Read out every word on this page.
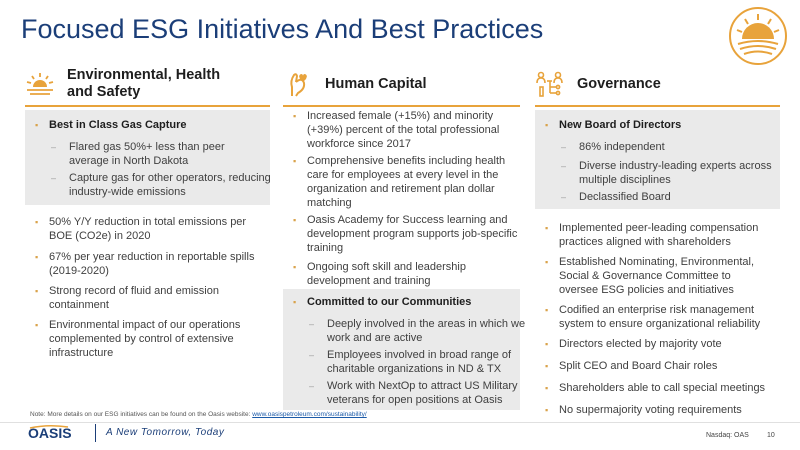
Focused ESG Initiatives And Best Practices
Environmental, Health
and Safety
▪ Best in Class Gas Capture
– Flared gas 50%+ less than peer average in North Dakota
– Capture gas for other operators, reducing industry-wide emissions
▪ 50% Y/Y reduction in total emissions per BOE (CO2e) in 2020
▪ 67% per year reduction in reportable spills (2019-2020)
▪ Strong record of fluid and emission containment
▪ Environmental impact of our operations complemented by control of extensive infrastructure
Human Capital
▪ Increased female (+15%) and minority (+39%) percent of the total professional workforce since 2017
▪ Comprehensive benefits including health care for employees at every level in the organization and retirement plan dollar matching
▪ Oasis Academy for Success learning and development program supports job-specific training
▪ Ongoing soft skill and leadership development and training
▪ Committed to our Communities
– Deeply involved in the areas in which we work and are active
– Employees involved in broad range of charitable organizations in ND & TX
– Work with NextOp to attract US Military veterans for open positions at Oasis
Governance
▪ New Board of Directors
– 86% independent
– Diverse industry-leading experts across multiple disciplines
– Declassified Board
▪ Implemented peer-leading compensation practices aligned with shareholders
▪ Established Nominating, Environmental, Social & Governance Committee to oversee ESG policies and initiatives
▪ Codified an enterprise risk management system to ensure organizational reliability
▪ Directors elected by majority vote
▪ Split CEO and Board Chair roles
▪ Shareholders able to call special meetings
▪ No supermajority voting requirements
Note: More details on our ESG initiatives can be found on the Oasis website: www.oasispetroleum.com/sustainability/
OASIS	A New Tomorrow, Today	Nasdaq: OAS	10
